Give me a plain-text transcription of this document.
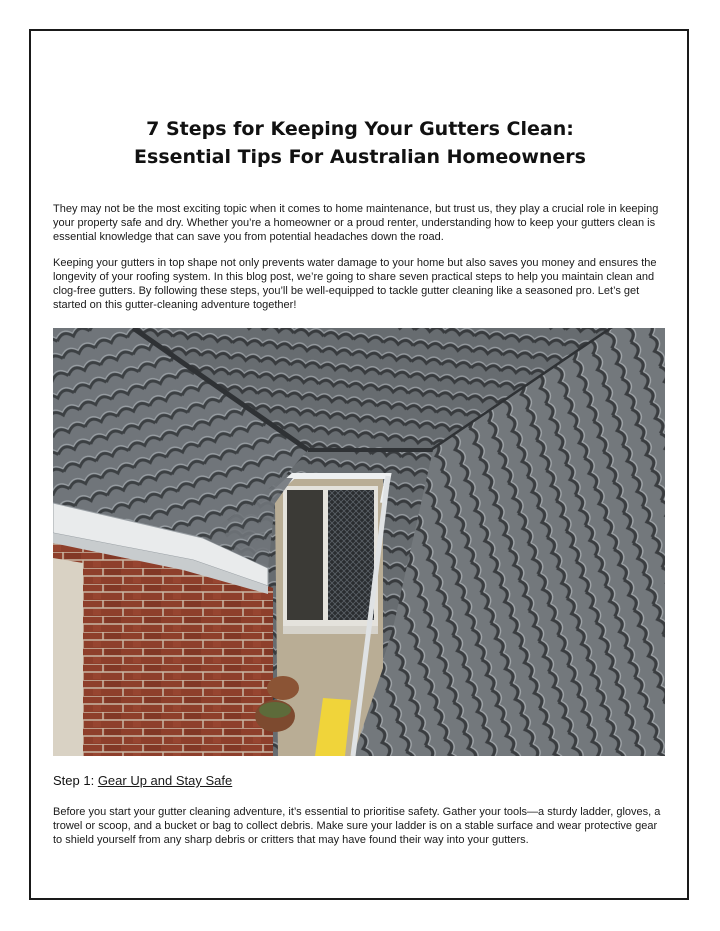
7 Steps for Keeping Your Gutters Clean:
Essential Tips For Australian Homeowners

They may not be the most exciting topic when it comes to home maintenance, but trust us, they play a crucial role in keeping your property safe and dry. Whether you’re a homeowner or a proud renter, understanding how to keep your gutters clean is essential knowledge that can save you from potential headaches down the road.

Keeping your gutters in top shape not only prevents water damage to your home but also saves you money and ensures the longevity of your roofing system. In this blog post, we’re going to share seven practical steps to help you maintain clean and clog-free gutters. By following these steps, you’ll be well-equipped to tackle gutter cleaning like a seasoned pro. Let’s get started on this gutter-cleaning adventure together!

Step 1: Gear Up and Stay Safe

Before you start your gutter cleaning adventure, it’s essential to prioritise safety. Gather your tools—a sturdy ladder, gloves, a trowel or scoop, and a bucket or bag to collect debris. Make sure your ladder is on a stable surface and wear protective gear to shield yourself from any sharp debris or critters that may have found their way into your gutters.
